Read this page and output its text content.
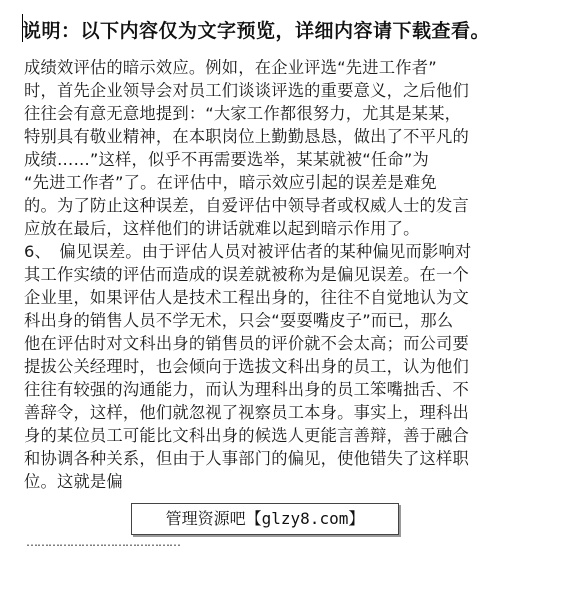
说明：以下内容仅为文字预览，详细内容请下载查看。
成绩效评估的暗示效应。例如，在企业评选“先进工作者”
时，首先企业领导会对员工们谈谈评选的重要意义，之后他们
往往会有意无意地提到：“大家工作都很努力，尤其是某某，
特别具有敬业精神，在本职岗位上勤勤恳恳，做出了不平凡的
成绩……”这样，似乎不再需要选举，某某就被“任命”为
“先进工作者”了。在评估中，暗示效应引起的误差是难免
的。为了防止这种误差，自爱评估中领导者或权威人士的发言
应放在最后，这样他们的讲话就难以起到暗示作用了。
6、　偏见误差。由于评估人员对被评估者的某种偏见而影响对
其工作实绩的评估而造成的误差就被称为是偏见误差。在一个
企业里，如果评估人是技术工程出身的，往往不自觉地认为文
科出身的销售人员不学无术，只会“耍耍嘴皮子”而已，那么
他在评估时对文科出身的销售员的评价就不会太高；而公司要
提拔公关经理时，也会倾向于选拔文科出身的员工，认为他们
往往有较强的沟通能力，而认为理科出身的员工笨嘴拙舌、不
善辞令，这样，他们就忽视了视察员工本身。事实上，理科出
身的某位员工可能比文科出身的候选人更能言善辩，善于融合
和协调各种关系，但由于人事部门的偏见，使他错失了这样职
位。这就是偏
管理资源吧【glzy8.com】
……………………………………
